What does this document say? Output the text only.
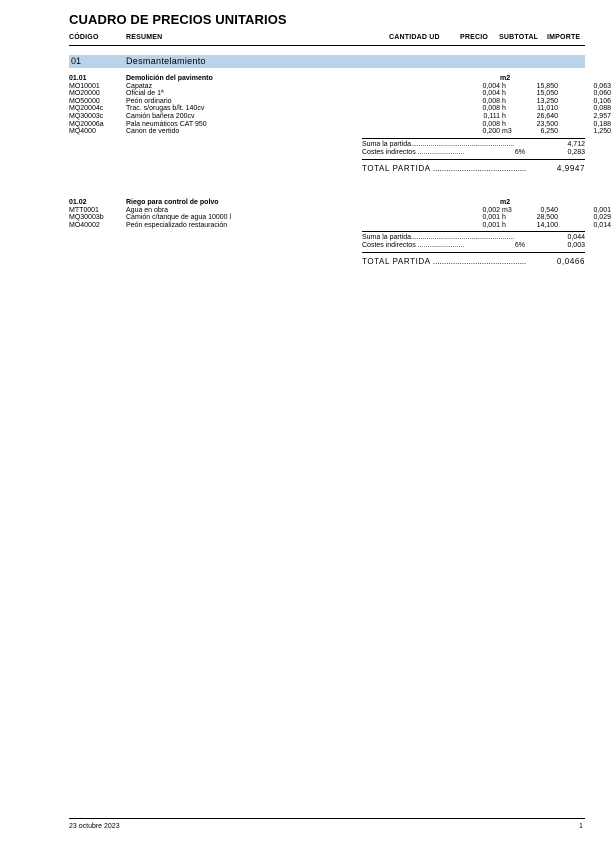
CUADRO DE PRECIOS UNITARIOS
CÓDIGO	RESUMEN	CANTIDAD UD	PRECIO SUBTOTAL IMPORTE
01	Desmantelamiento
01.01	Demolición del pavimento	m2
MO10001	Capataz	0,004 h	15,850	0,063
MO20000	Oficial de 1ª	0,004 h	15,050	0,060
MO50000	Peón ordinario	0,008 h	13,250	0,106
MQ20004c	Trac. s/orugas b/lt. 140cv	0,008 h	11,010	0,088
MQ30003c	Camión bañera 200cv	0,111 h	26,640	2,957
MQ20006a	Pala neumáticos CAT 950	0,008 h	23,500	0,188
MQ4000	Canon de vertido	0,200 m3	6,250	1,250
Suma la partida.....................................................	4,712
Costes indirectos ........................	6%	0,283
TOTAL PARTIDA ..........................................	4,9947
01.02	Riego para control de polvo	m2
MTT0001	Agua en obra	0,002 m3	0,540	0,001
MQ30003b	Camión c/tanque de agua 10000 l	0,001 h	28,500	0,029
MO40002	Peón especializado restauración	0,001 h	14,100	0,014
Suma la partida.....................................................	0,044
Costes indirectos ........................	6%	0,003
TOTAL PARTIDA ..........................................	0,0466
23 octubre 2023	1
